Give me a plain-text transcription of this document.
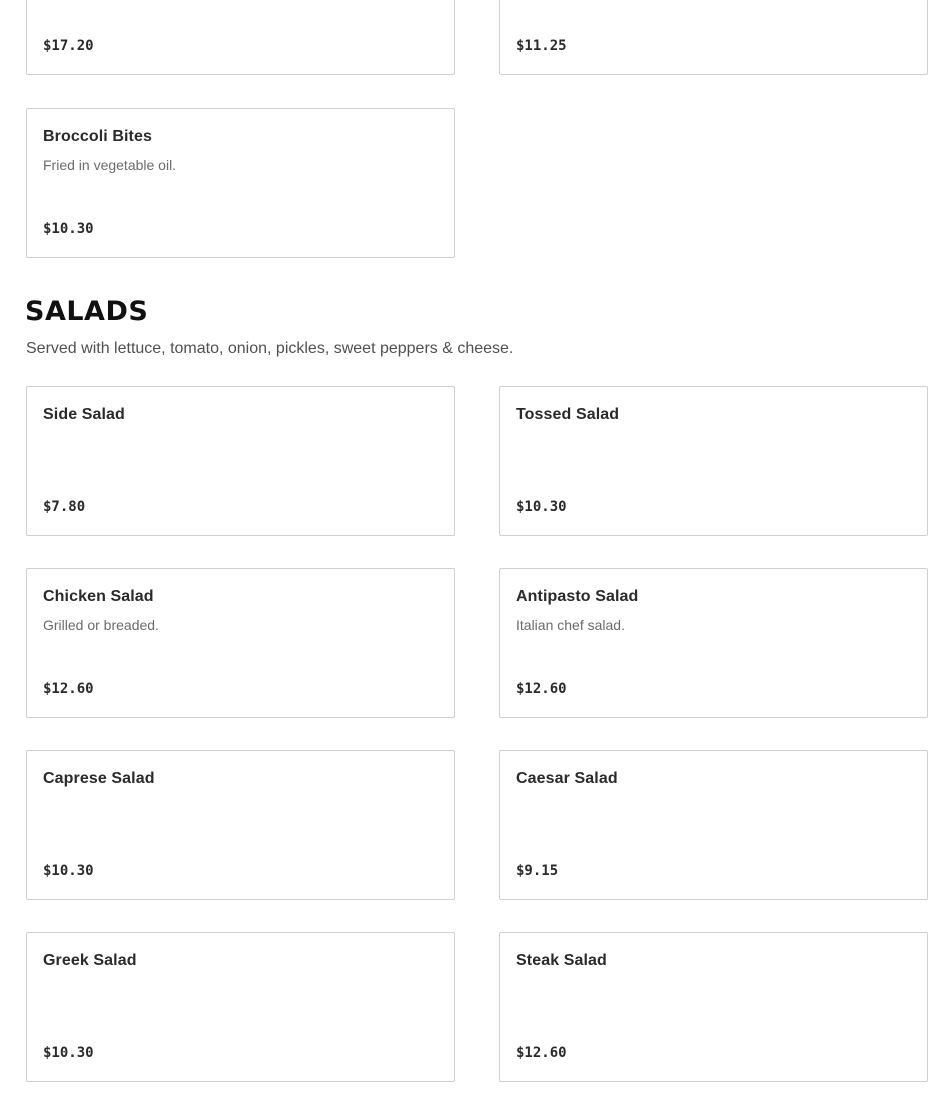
$17.20	$11.25
Broccoli Bites
Fried in vegetable oil.
$10.30
SALADS
Served with lettuce, tomato, onion, pickles, sweet peppers & cheese.
Side Salad
$7.80
Tossed Salad
$10.30
Chicken Salad
Grilled or breaded.
$12.60
Antipasto Salad
Italian chef salad.
$12.60
Caprese Salad
$10.30
Caesar Salad
$9.15
Greek Salad
$10.30
Steak Salad
$12.60
